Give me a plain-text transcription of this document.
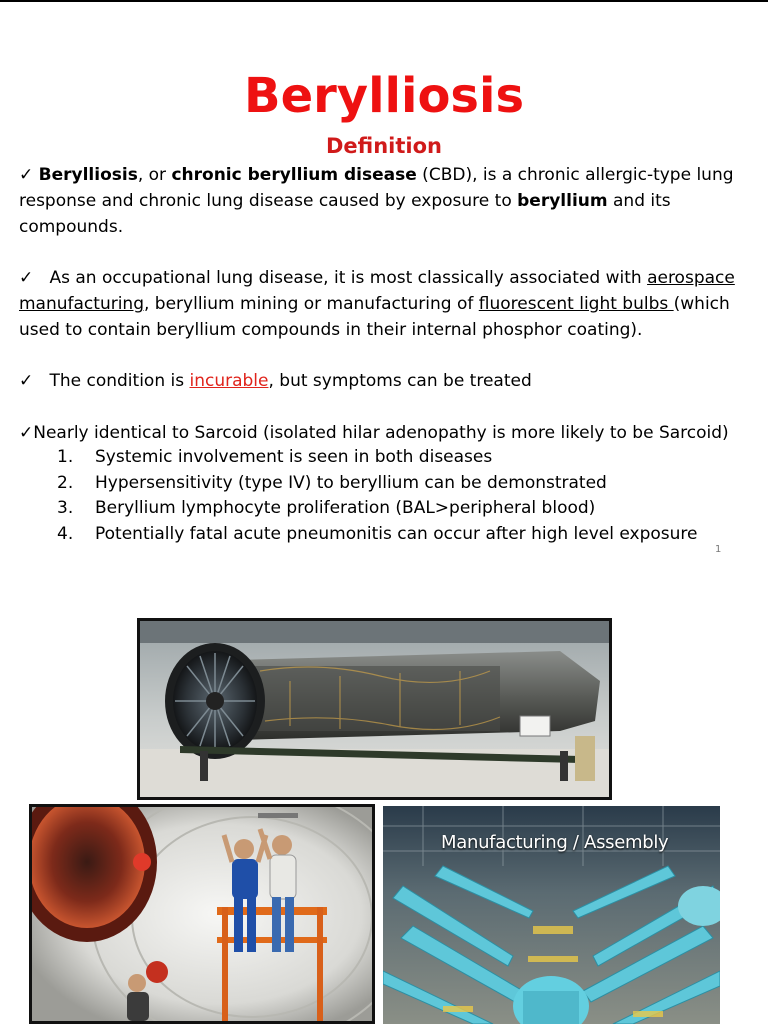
Berylliosis
Definition
✓ Berylliosis, or chronic beryllium disease (CBD), is a chronic allergic-type lung
response and chronic lung disease caused by exposure to beryllium and its
compounds.
✓ As an occupational lung disease, it is most classically associated with aerospace
manufacturing, beryllium mining or manufacturing of fluorescent light bulbs (which
used to contain beryllium compounds in their internal phosphor coating).
✓ The condition is incurable, but symptoms can be treated
✓Nearly identical to Sarcoid (isolated hilar adenopathy is more likely to be Sarcoid)
1.	Systemic involvement is seen in both diseases
2.	Hypersensitivity (type IV) to beryllium can be demonstrated
3.	Beryllium lymphocyte proliferation (BAL>peripheral blood)
4.	Potentially fatal acute pneumonitis can occur after high level exposure
1
Manufacturing / Assembly
